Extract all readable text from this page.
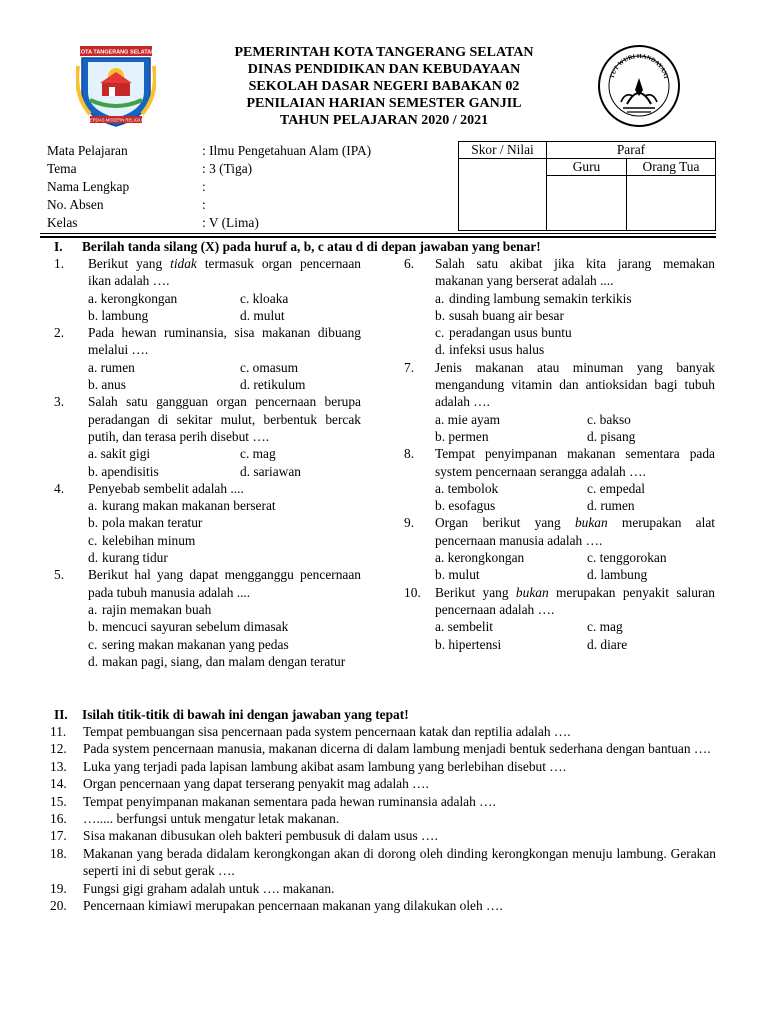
KOTA TANGERANG SELATAN
CERDAS MODERN RELIGIUS
PEMERINTAH KOTA TANGERANG SELATAN
DINAS PENDIDIKAN DAN KEBUDAYAAN
SEKOLAH DASAR NEGERI BABAKAN 02
PENILAIAN HARIAN SEMESTER GANJIL
TAHUN PELAJARAN 2020 / 2021
TUT WURI HANDAYANI
Mata Pelajaran	: Ilmu Pengetahuan Alam (IPA)
Tema	: 3 (Tiga)
Nama Lengkap	:
No. Absen	:
Kelas	: V (Lima)
Skor / Nilai	Paraf
Guru	Orang Tua
I. Berilah tanda silang (X) pada huruf a, b, c atau d di depan jawaban yang benar!
1. Berikut yang tidak termasuk organ pencernaan ikan adalah ….
a. kerongkongan	c. kloaka
b. lambung	d. mulut
2. Pada hewan ruminansia, sisa makanan dibuang melalui ….
a. rumen	c. omasum
b. anus	d. retikulum
3. Salah satu gangguan organ pencernaan berupa peradangan di sekitar mulut, berbentuk bercak putih, dan terasa perih disebut ….
a. sakit gigi	c. mag
b. apendisitis	d. sariawan
4. Penyebab sembelit adalah ....
a. kurang makan makanan berserat
b. pola makan teratur
c. kelebihan minum
d. kurang tidur
5. Berikut hal yang dapat mengganggu pencernaan pada tubuh manusia adalah ....
a. rajin memakan buah
b. mencuci sayuran sebelum dimasak
c. sering makan makanan yang pedas
d. makan pagi, siang, dan malam dengan teratur
6. Salah satu akibat jika kita jarang memakan makanan yang berserat adalah ....
a. dinding lambung semakin terkikis
b. susah buang air besar
c. peradangan usus buntu
d. infeksi usus halus
7. Jenis makanan atau minuman yang banyak mengandung vitamin dan antioksidan bagi tubuh adalah ….
a. mie ayam	c. bakso
b. permen	d. pisang
8. Tempat penyimpanan makanan sementara pada system pencernaan serangga adalah ….
a. tembolok	c. empedal
b. esofagus	d. rumen
9. Organ berikut yang bukan merupakan alat pencernaan manusia adalah ….
a. kerongkongan	c. tenggorokan
b. mulut	d. lambung
10. Berikut yang bukan merupakan penyakit saluran pencernaan adalah ….
a. sembelit	c. mag
b. hipertensi	d. diare
II. Isilah titik-titik di bawah ini dengan jawaban yang tepat!
11. Tempat pembuangan sisa pencernaan pada system pencernaan katak dan reptilia adalah ….
12. Pada system pencernaan manusia, makanan dicerna di dalam lambung menjadi bentuk sederhana dengan bantuan ….
13. Luka yang terjadi pada lapisan lambung akibat asam lambung yang berlebihan disebut ….
14. Organ pencernaan yang dapat terserang penyakit mag adalah ….
15. Tempat penyimpanan makanan sementara pada hewan ruminansia adalah ….
16. …..... berfungsi untuk mengatur letak makanan.
17. Sisa makanan dibusukan oleh bakteri pembusuk di dalam usus ….
18. Makanan yang berada didalam kerongkongan akan di dorong oleh dinding kerongkongan menuju lambung. Gerakan seperti ini di sebut gerak ….
19. Fungsi gigi graham adalah untuk …. makanan.
20. Pencernaan kimiawi merupakan pencernaan makanan yang dilakukan oleh ….
